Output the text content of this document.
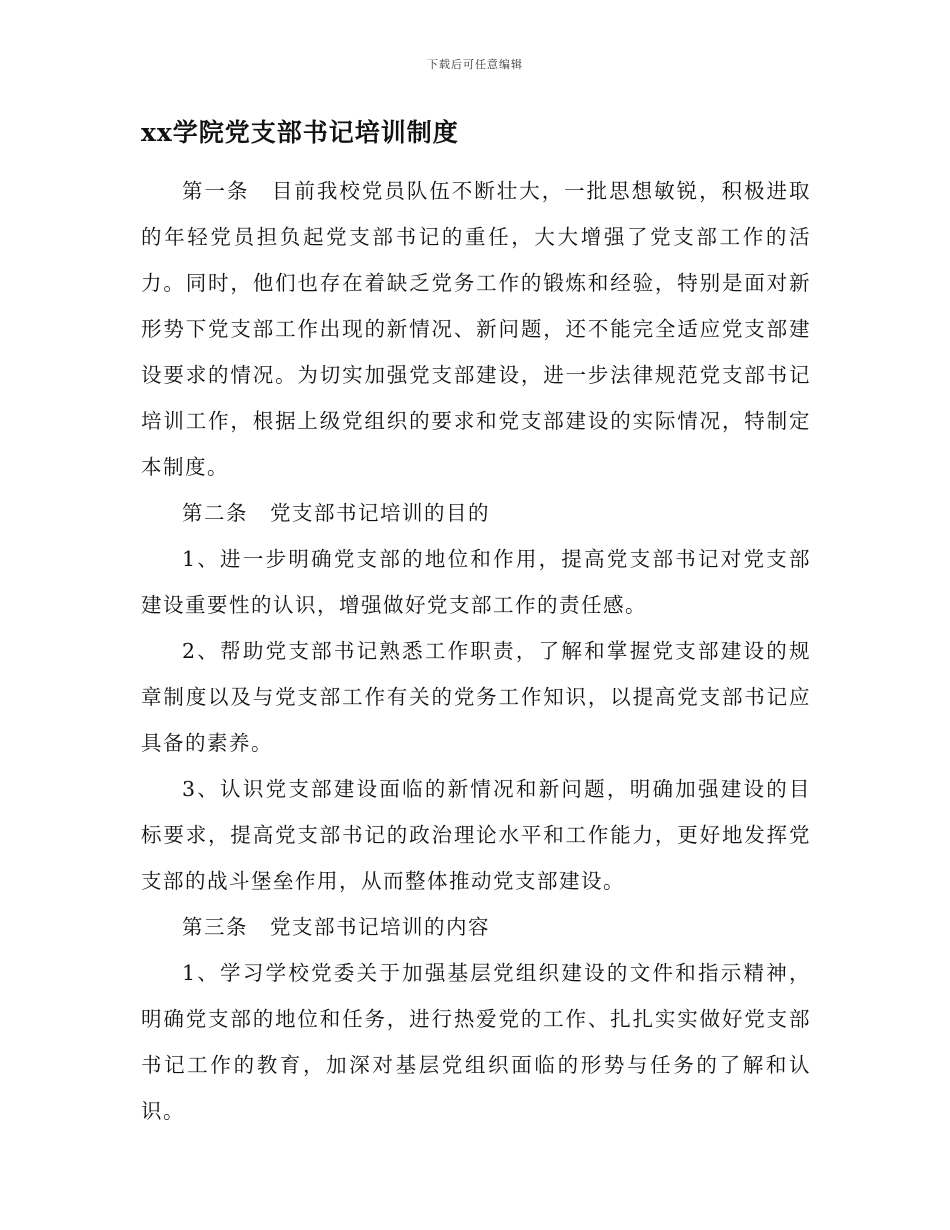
下载后可任意编辑
xx学院党支部书记培训制度

第一条　目前我校党员队伍不断壮大，一批思想敏锐，积极进取的年轻党员担负起党支部书记的重任，大大增强了党支部工作的活力。同时，他们也存在着缺乏党务工作的锻炼和经验，特别是面对新形势下党支部工作出现的新情况、新问题，还不能完全适应党支部建设要求的情况。为切实加强党支部建设，进一步法律规范党支部书记培训工作，根据上级党组织的要求和党支部建设的实际情况，特制定本制度。

第二条　党支部书记培训的目的

1、进一步明确党支部的地位和作用，提高党支部书记对党支部建设重要性的认识，增强做好党支部工作的责任感。

2、帮助党支部书记熟悉工作职责，了解和掌握党支部建设的规章制度以及与党支部工作有关的党务工作知识，以提高党支部书记应具备的素养。

3、认识党支部建设面临的新情况和新问题，明确加强建设的目标要求，提高党支部书记的政治理论水平和工作能力，更好地发挥党支部的战斗堡垒作用，从而整体推动党支部建设。

第三条　党支部书记培训的内容

1、学习学校党委关于加强基层党组织建设的文件和指示精神，明确党支部的地位和任务，进行热爱党的工作、扎扎实实做好党支部书记工作的教育，加深对基层党组织面临的形势与任务的了解和认识。
